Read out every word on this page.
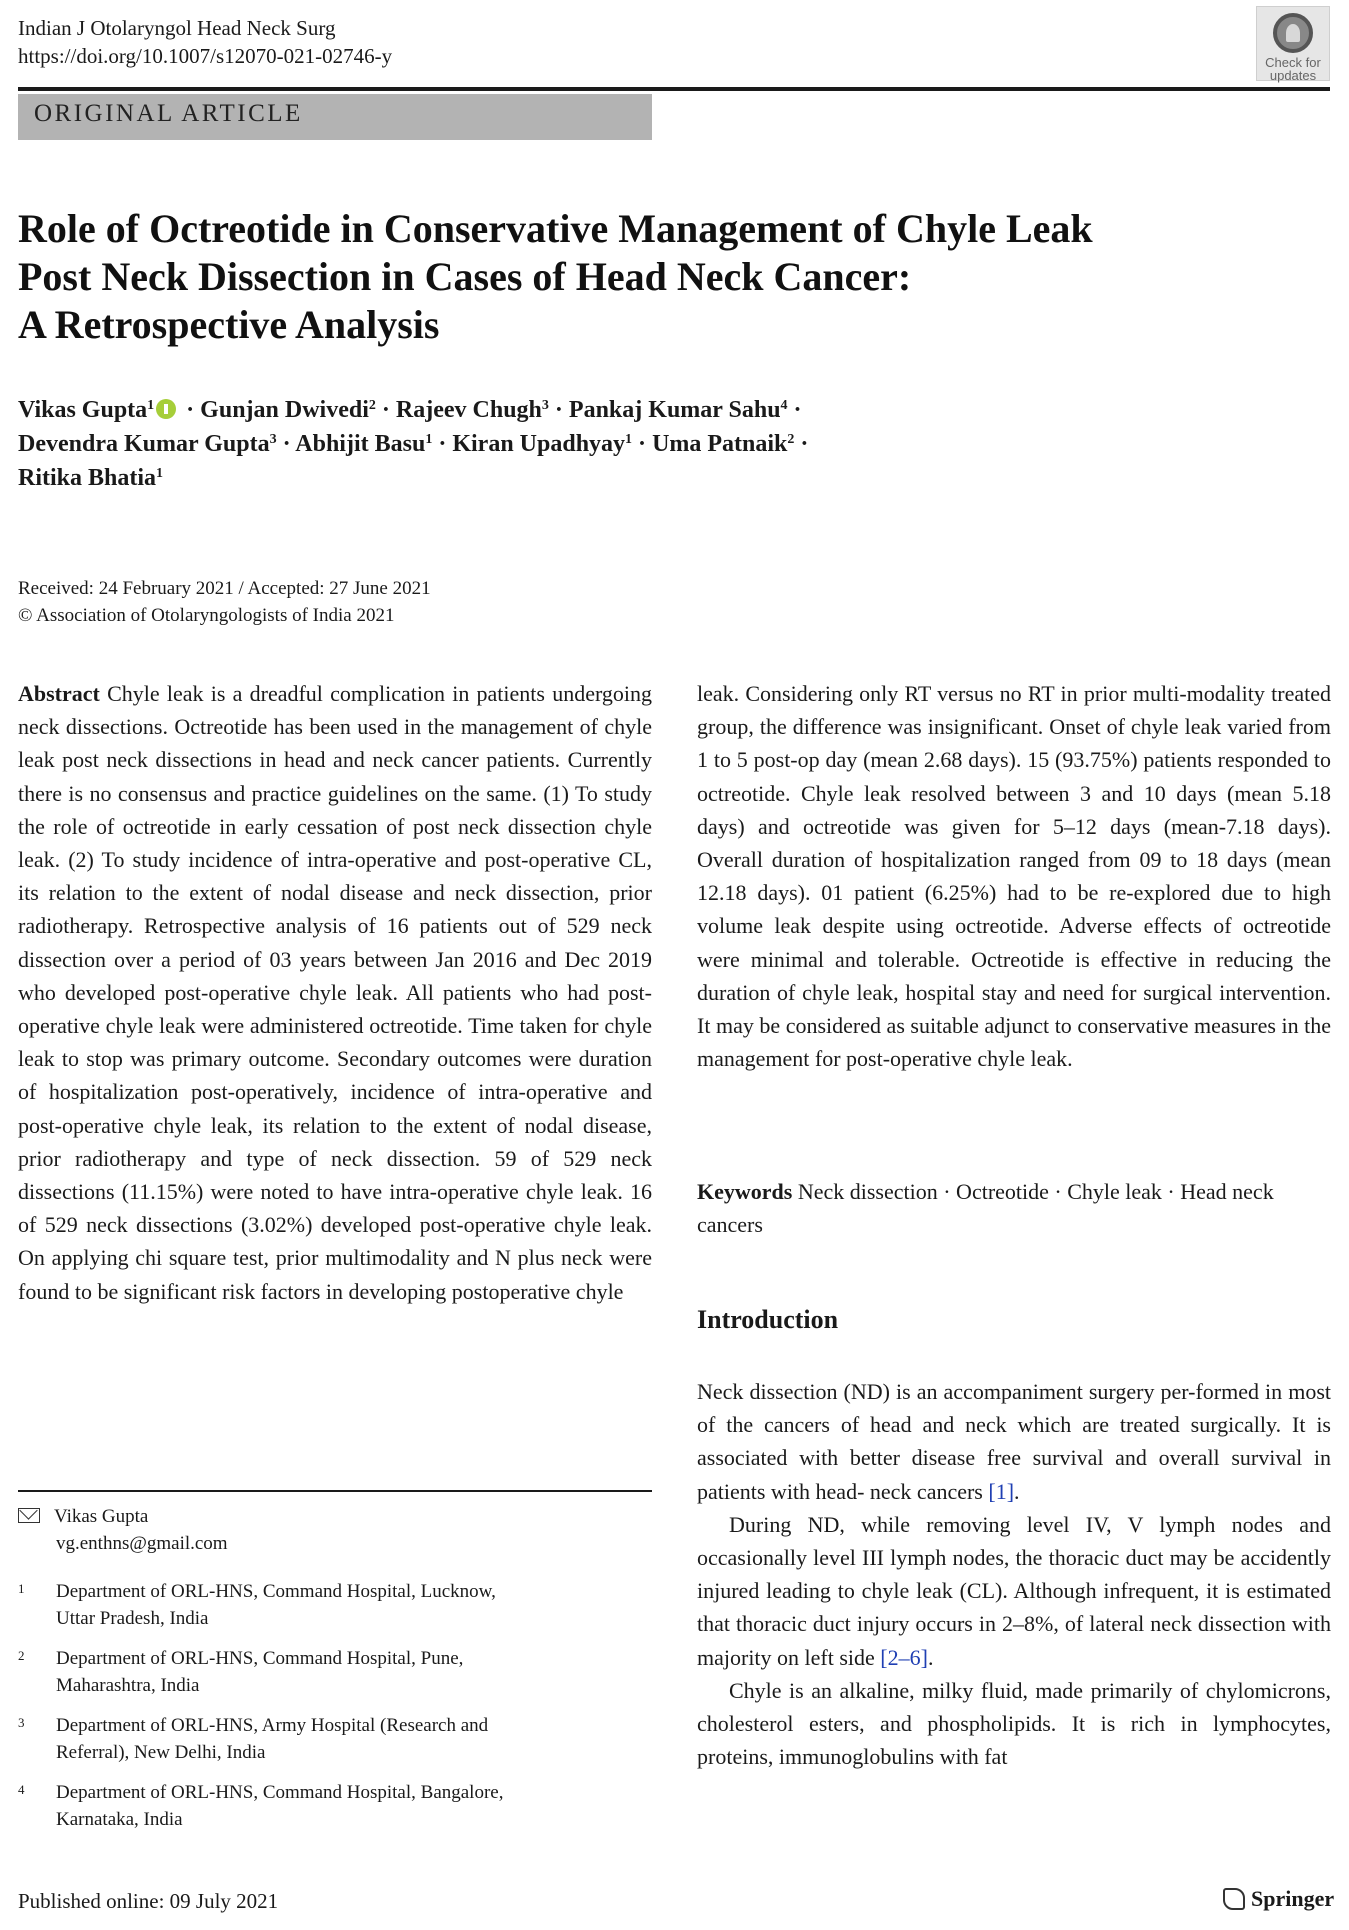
Indian J Otolaryngol Head Neck Surg
https://doi.org/10.1007/s12070-021-02746-y	Check for
updates
ORIGINAL ARTICLE
Role of Octreotide in Conservative Management of Chyle Leak
Post Neck Dissection in Cases of Head Neck Cancer:
A Retrospective Analysis
Vikas Gupta$^1$ · Gunjan Dwivedi$^2$ · Rajeev Chugh$^3$ · Pankaj Kumar Sahu$^4$ ·
Devendra Kumar Gupta$^3$ · Abhijit Basu$^1$ · Kiran Upadhyay$^1$ · Uma Patnaik$^2$ ·
Ritika Bhatia$^1$
Received: 24 February 2021 / Accepted: 27 June 2021
© Association of Otolaryngologists of India 2021

Abstract Chyle leak is a dreadful complication in patients undergoing neck dissections. Octreotide has been used in the management of chyle leak post neck dissections in head and neck cancer patients. Currently there is no consensus and practice guidelines on the same. (1) To study the role of octreotide in early cessation of post neck dissection chyle leak. (2) To study incidence of intra-operative and post-operative CL, its relation to the extent of nodal disease and neck dissection, prior radiotherapy. Retrospective analysis of 16 patients out of 529 neck dissection over a period of 03 years between Jan 2016 and Dec 2019 who developed post-operative chyle leak. All patients who had post-operative chyle leak were administered octreotide. Time taken for chyle leak to stop was primary outcome. Secondary outcomes were duration of hospitalization post-operatively, incidence of intra-operative and post-operative chyle leak, its relation to the extent of nodal disease, prior radiotherapy and type of neck dissection. 59 of 529 neck dissections (11.15%) were noted to have intra-operative chyle leak. 16 of 529 neck dissections (3.02%) developed post-operative chyle leak. On applying chi square test, prior multimodality and N plus neck were found to be significant risk factors in developing postoperative chyle

leak. Considering only RT versus no RT in prior multi-modality treated group, the difference was insignificant. Onset of chyle leak varied from 1 to 5 post-op day (mean 2.68 days). 15 (93.75%) patients responded to octreotide. Chyle leak resolved between 3 and 10 days (mean 5.18 days) and octreotide was given for 5–12 days (mean-7.18 days). Overall duration of hospitalization ranged from 09 to 18 days (mean 12.18 days). 01 patient (6.25%) had to be re-explored due to high volume leak despite using octreotide. Adverse effects of octreotide were minimal and tolerable. Octreotide is effective in reducing the duration of chyle leak, hospital stay and need for surgical intervention. It may be considered as suitable adjunct to conservative measures in the management for post-operative chyle leak.

Keywords Neck dissection · Octreotide · Chyle leak · Head neck cancers
Introduction

Neck dissection (ND) is an accompaniment surgery per-formed in most of the cancers of head and neck which are treated surgically. It is associated with better disease free survival and overall survival in patients with head- neck cancers [1].

During ND, while removing level IV, V lymph nodes and occasionally level III lymph nodes, the thoracic duct may be accidently injured leading to chyle leak (CL). Although infrequent, it is estimated that thoracic duct injury occurs in 2–8%, of lateral neck dissection with majority on left side [2–6].

Chyle is an alkaline, milky fluid, made primarily of chylomicrons, cholesterol esters, and phospholipids. It is rich in lymphocytes, proteins, immunoglobulins with fat

Vikas Gupta
vg.enthns@gmail.com
1	Department of ORL-HNS, Command Hospital, Lucknow,
Uttar Pradesh, India
2	Department of ORL-HNS, Command Hospital, Pune,
Maharashtra, India
3	Department of ORL-HNS, Army Hospital (Research and
Referral), New Delhi, India
4	Department of ORL-HNS, Command Hospital, Bangalore,
Karnataka, India
Published online: 09 July 2021	Springer
